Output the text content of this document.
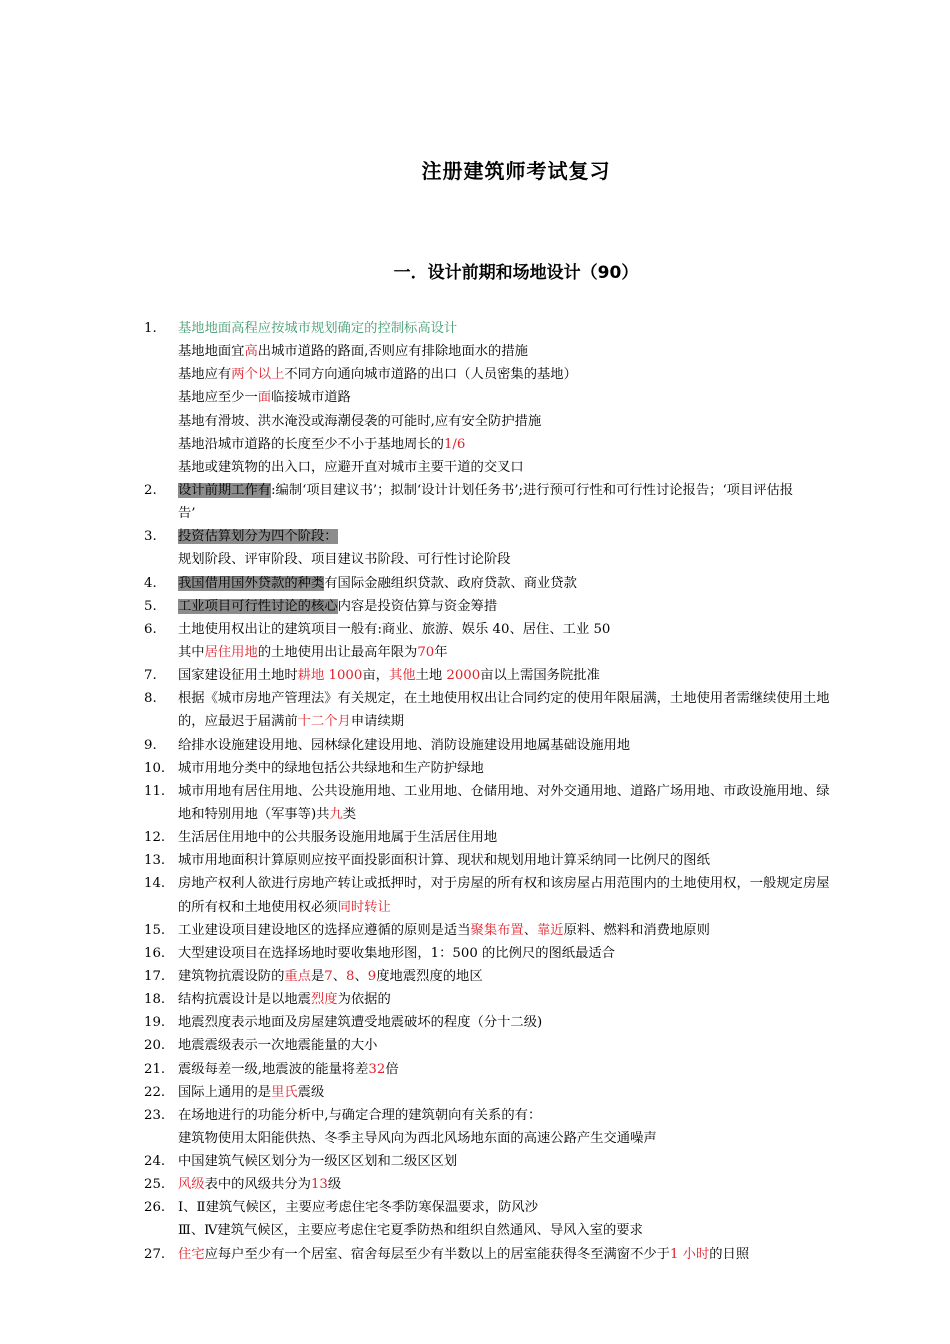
注册建筑师考试复习
一．设计前期和场地设计（90）
1.	基地地面高程应按城市规划确定的控制标高设计
基地地面宜高出城市道路的路面,否则应有排除地面水的措施
基地应有两个以上不同方向通向城市道路的出口（人员密集的基地）
基地应至少一面临接城市道路
基地有滑坡、洪水淹没或海潮侵袭的可能时,应有安全防护措施
基地沿城市道路的长度至少不小于基地周长的1/6
基地或建筑物的出入口，应避开直对城市主要干道的交叉口
2.	设计前期工作有:编制‘项目建议书’；拟制‘设计计划任务书’;进行预可行性和可行性讨论报告；‘项目评估报
告’
3.	投资估算划分为四个阶段：
规划阶段、评审阶段、项目建议书阶段、可行性讨论阶段
4.	我国借用国外贷款的种类有国际金融组织贷款、政府贷款、商业贷款
5.	工业项目可行性讨论的核心内容是投资估算与资金筹措
6.	土地使用权出让的建筑项目一般有:商业、旅游、娱乐 40、居住、工业 50
其中居住用地的土地使用出让最高年限为70年
7.	国家建设征用土地时耕地 1000亩，其他土地 2000亩以上需国务院批准
8.	根据《城市房地产管理法》有关规定，在土地使用权出让合同约定的使用年限届满，土地使用者需继续使用土地
的，应最迟于届满前十二个月申请续期
9.	给排水设施建设用地、园林绿化建设用地、消防设施建设用地属基础设施用地
10. 城市用地分类中的绿地包括公共绿地和生产防护绿地
11. 城市用地有居住用地、公共设施用地、工业用地、仓储用地、对外交通用地、道路广场用地、市政设施用地、绿
地和特别用地（军事等)共九类
12. 生活居住用地中的公共服务设施用地属于生活居住用地
13. 城市用地面积计算原则应按平面投影面积计算、现状和规划用地计算采纳同一比例尺的图纸
14. 房地产权利人欲进行房地产转让或抵押时，对于房屋的所有权和该房屋占用范围内的土地使用权，一般规定房屋
的所有权和土地使用权必须同时转让
15. 工业建设项目建设地区的选择应遵循的原则是适当聚集布置、靠近原料、燃料和消费地原则
16. 大型建设项目在选择场地时要收集地形图，1：500 的比例尺的图纸最适合
17. 建筑物抗震设防的重点是7、8、9度地震烈度的地区
18. 结构抗震设计是以地震烈度为依据的
19. 地震烈度表示地面及房屋建筑遭受地震破坏的程度（分十二级)
20. 地震震级表示一次地震能量的大小
21. 震级每差一级,地震波的能量将差32倍
22. 国际上通用的是里氏震级
23. 在场地进行的功能分析中,与确定合理的建筑朝向有关系的有：
建筑物使用太阳能供热、冬季主导风向为西北风场地东面的高速公路产生交通噪声
24. 中国建筑气候区划分为一级区区划和二级区区划
25. 风级表中的风级共分为13级
26. Ⅰ、Ⅱ建筑气候区，主要应考虑住宅冬季防寒保温要求，防风沙
Ⅲ、Ⅳ建筑气候区，主要应考虑住宅夏季防热和组织自然通风、导风入室的要求
27. 住宅应每户至少有一个居室、宿舍每层至少有半数以上的居室能获得冬至满窗不少于1 小时的日照
